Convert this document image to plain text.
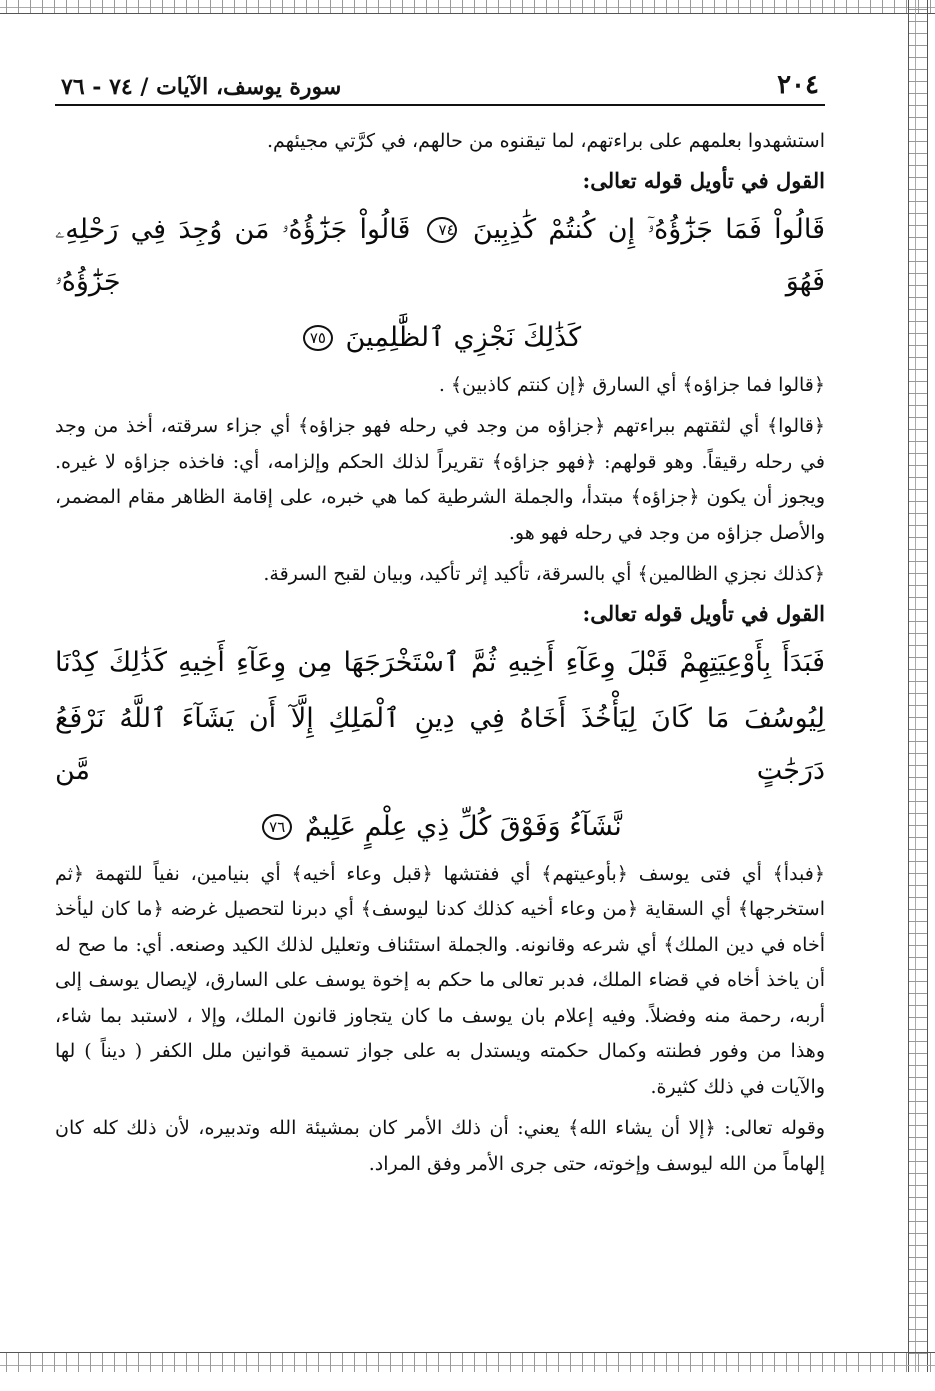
٢٠٤
سورة يوسف، الآيات / ٧٤ - ٧٦

استشهدوا بعلمهم على براءتهم، لما تيقنوه من حالهم، في كرَّتي مجيئهم.

القول في تأويل قوله تعالى:

قَالُواْ فَمَا جَزَٰٓؤُهُۥٓ إِن كُنتُمْ كَٰذِبِينَ ٧٤ قَالُواْ جَزَٰٓؤُهُۥ مَن وُجِدَ فِي رَحْلِهِۦ فَهُوَ جَزَٰٓؤُهُۥ
كَذَٰلِكَ نَجْزِي ٱلظَّٰلِمِينَ ٧٥

﴿قالوا فما جزاؤه﴾ أي السارق ﴿إن كنتم كاذبين﴾ .

﴿قالوا﴾ أي لثقتهم ببراءتهم ﴿جزاؤه من وجد في رحله فهو جزاؤه﴾ أي جزاء سرقته، أخذ من وجد في رحله رقيقاً. وهو قولهم: ﴿فهو جزاؤه﴾ تقريراً لذلك الحكم وإلزامه، أي: فاخذه جزاؤه لا غيره. ويجوز أن يكون ﴿جزاؤه﴾ مبتدأ، والجملة الشرطية كما هي خبره، على إقامة الظاهر مقام المضمر، والأصل جزاؤه من وجد في رحله فهو هو.

﴿كذلك نجزي الظالمين﴾ أي بالسرقة، تأكيد إثر تأكيد، وبيان لقبح السرقة.

القول في تأويل قوله تعالى:

فَبَدَأَ بِأَوْعِيَتِهِمْ قَبْلَ وِعَآءِ أَخِيهِ ثُمَّ ٱسْتَخْرَجَهَا مِن وِعَآءِ أَخِيهِ كَذَٰلِكَ كِدْنَا
لِيُوسُفَ مَا كَانَ لِيَأْخُذَ أَخَاهُ فِي دِينِ ٱلْمَلِكِ إِلَّآ أَن يَشَآءَ ٱللَّهُ نَرْفَعُ دَرَجَٰتٍ مَّن
نَّشَآءُ وَفَوْقَ كُلِّ ذِي عِلْمٍ عَلِيمٌ ٧٦

﴿فبدأ﴾ أي فتى يوسف ﴿بأوعيتهم﴾ أي ففتشها ﴿قبل وعاء أخيه﴾ أي بنيامين، نفياً للتهمة ﴿ثم استخرجها﴾ أي السقاية ﴿من وعاء أخيه كذلك كدنا ليوسف﴾ أي دبرنا لتحصيل غرضه ﴿ما كان ليأخذ أخاه في دين الملك﴾ أي شرعه وقانونه. والجملة استئناف وتعليل لذلك الكيد وصنعه. أي: ما صح له أن ياخذ أخاه في قضاء الملك، فدبر تعالى ما حكم به إخوة يوسف على السارق، لإيصال يوسف إلى أربه، رحمة منه وفضلاً. وفيه إعلام بان يوسف ما كان يتجاوز قانون الملك، وإلا ، لاستبد بما شاء، وهذا من وفور فطنته وكمال حكمته ويستدل به على جواز تسمية قوانين ملل الكفر ( ديناً ) لها والآيات في ذلك كثيرة.

وقوله تعالى: ﴿إلا أن يشاء الله﴾ يعني: أن ذلك الأمر كان بمشيئة الله وتدبيره، لأن ذلك كله كان إلهاماً من الله ليوسف وإخوته، حتى جرى الأمر وفق المراد.
